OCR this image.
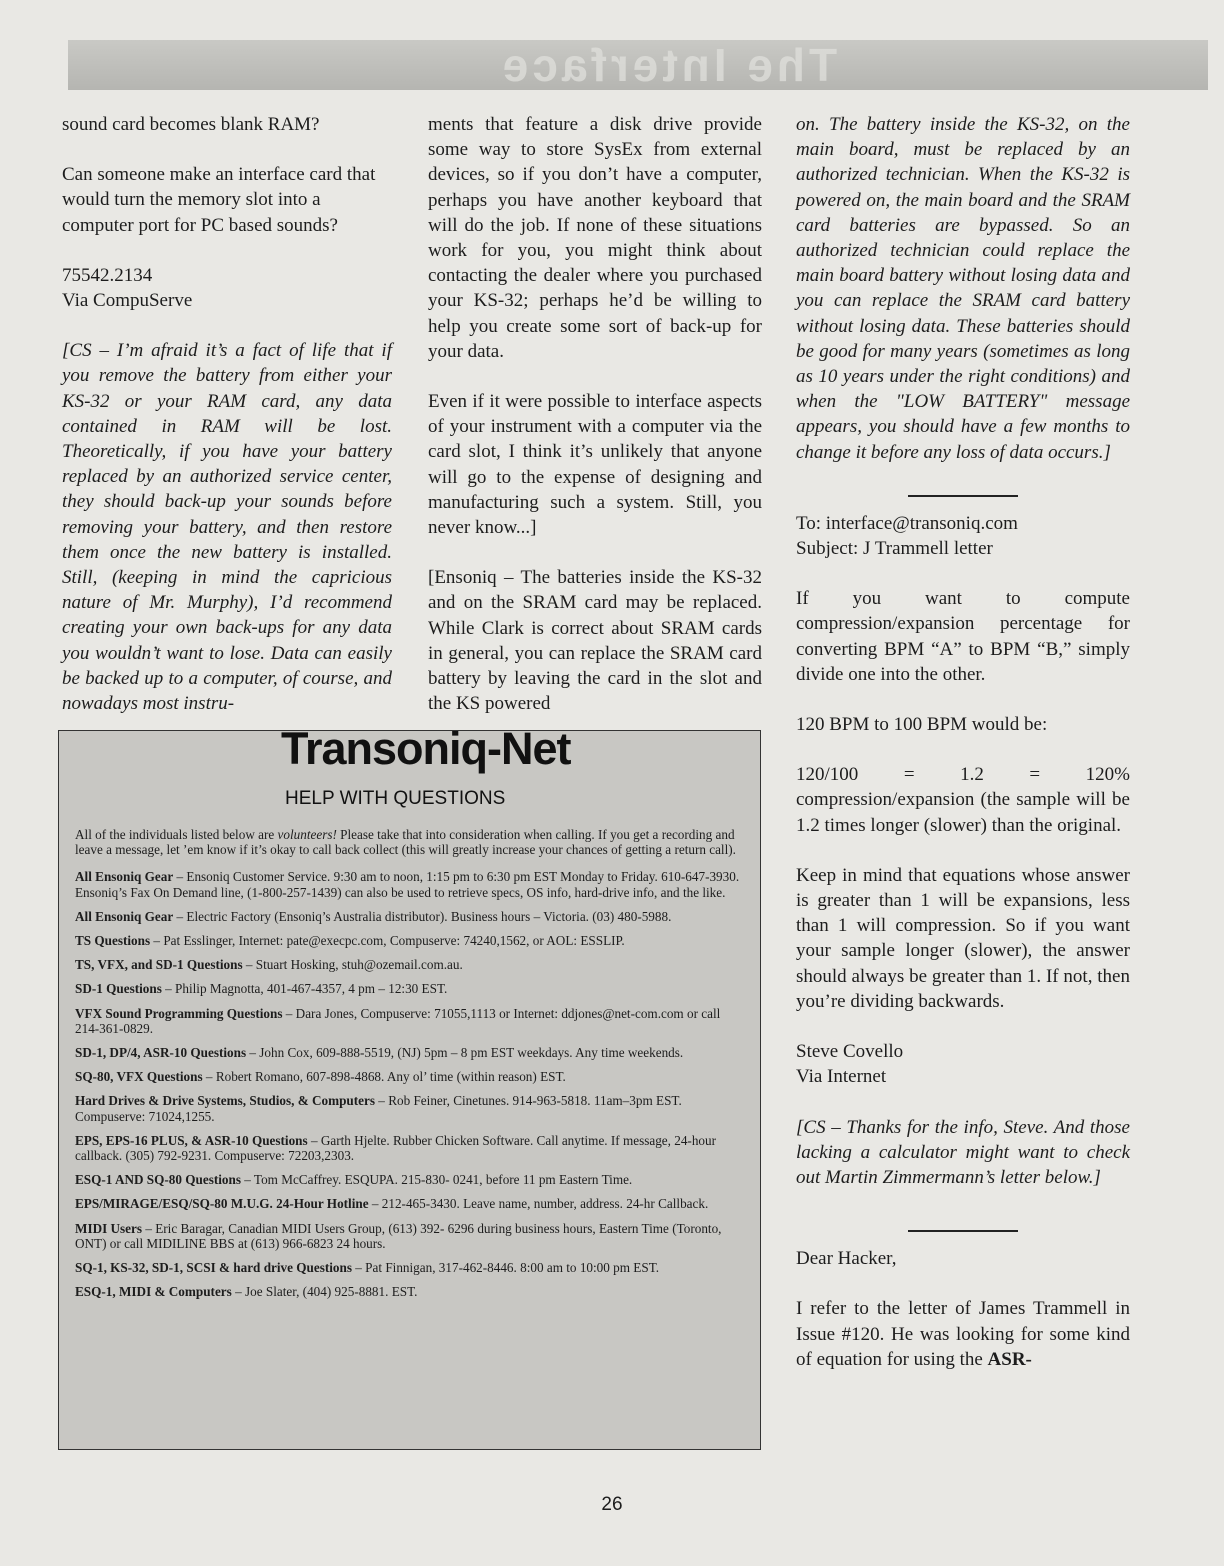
The Interface

sound card becomes blank RAM?

Can someone make an interface card that would turn the memory slot into a computer port for PC based sounds?

75542.2134

Via CompuServe

[CS – I’m afraid it’s a fact of life that if you remove the battery from either your KS-32 or your RAM card, any data contained in RAM will be lost. Theoretically, if you have your battery replaced by an authorized service center, they should back-up your sounds before removing your battery, and then restore them once the new battery is installed. Still, (keeping in mind the capricious nature of Mr. Murphy), I’d recommend creating your own back-ups for any data you wouldn’t want to lose. Data can easily be backed up to a computer, of course, and nowadays most instru-

ments that feature a disk drive provide some way to store SysEx from external devices, so if you don’t have a computer, perhaps you have another keyboard that will do the job. If none of these situations work for you, you might think about contacting the dealer where you purchased your KS-32; perhaps he’d be willing to help you create some sort of back-up for your data.

Even if it were possible to interface aspects of your instrument with a computer via the card slot, I think it’s unlikely that anyone will go to the expense of designing and manufacturing such a system. Still, you never know...]

[Ensoniq – The batteries inside the KS-32 and on the SRAM card may be replaced. While Clark is correct about SRAM cards in general, you can replace the SRAM card battery by leaving the card in the slot and the KS powered

on. The battery inside the KS-32, on the main board, must be replaced by an authorized technician. When the KS-32 is powered on, the main board and the SRAM card batteries are bypassed. So an authorized technician could replace the main board battery without losing data and you can replace the SRAM card battery without losing data. These batteries should be good for many years (sometimes as long as 10 years under the right conditions) and when the "LOW BATTERY" message appears, you should have a few months to change it before any loss of data occurs.]

To: interface@transoniq.com

Subject: J Trammell letter

If you want to compute compression/expansion percentage for converting BPM “A” to BPM “B,” simply divide one into the other.

120 BPM to 100 BPM would be:

120/100 = 1.2 = 120% compression/expansion (the sample will be 1.2 times longer (slower) than the original.

Keep in mind that equations whose answer is greater than 1 will be expansions, less than 1 will compression. So if you want your sample longer (slower), the answer should always be greater than 1. If not, then you’re dividing backwards.

Steve Covello

Via Internet

[CS – Thanks for the info, Steve. And those lacking a calculator might want to check out Martin Zimmermann’s letter below.]

Dear Hacker,

I refer to the letter of James Trammell in Issue #120. He was looking for some kind of equation for using the ASR-

Transoniq-Net
HELP WITH QUESTIONS
All of the individuals listed below are volunteers! Please take that into consideration when calling. If you get a recording and leave a message, let ’em know if it’s okay to call back collect (this will greatly increase your chances of getting a return call).
All Ensoniq Gear – Ensoniq Customer Service. 9:30 am to noon, 1:15 pm to 6:30 pm EST Monday to Friday. 610-647-3930. Ensoniq’s Fax On Demand line, (1-800-257-1439) can also be used to retrieve specs, OS info, hard-drive info, and the like.
All Ensoniq Gear – Electric Factory (Ensoniq’s Australia distributor). Business hours – Victoria. (03) 480-5988.
TS Questions – Pat Esslinger, Internet: pate@execpc.com, Compuserve: 74240,1562, or AOL: ESSLIP.
TS, VFX, and SD-1 Questions – Stuart Hosking, stuh@ozemail.com.au.
SD-1 Questions – Philip Magnotta, 401-467-4357, 4 pm – 12:30 EST.
VFX Sound Programming Questions – Dara Jones, Compuserve: 71055,1113 or Internet: ddjones@net-com.com or call 214-361-0829.
SD-1, DP/4, ASR-10 Questions – John Cox, 609-888-5519, (NJ) 5pm – 8 pm EST weekdays. Any time weekends.
SQ-80, VFX Questions – Robert Romano, 607-898-4868. Any ol’ time (within reason) EST.
Hard Drives & Drive Systems, Studios, & Computers – Rob Feiner, Cinetunes. 914-963-5818. 11am–3pm EST. Compuserve: 71024,1255.
EPS, EPS-16 PLUS, & ASR-10 Questions – Garth Hjelte. Rubber Chicken Software. Call anytime. If message, 24-hour callback. (305) 792-9231. Compuserve: 72203,2303.
ESQ-1 AND SQ-80 Questions – Tom McCaffrey. ESQUPA. 215-830- 0241, before 11 pm Eastern Time.
EPS/MIRAGE/ESQ/SQ-80 M.U.G. 24-Hour Hotline – 212-465-3430. Leave name, number, address. 24-hr Callback.
MIDI Users – Eric Baragar, Canadian MIDI Users Group, (613) 392- 6296 during business hours, Eastern Time (Toronto, ONT) or call MIDILINE BBS at (613) 966-6823 24 hours.
SQ-1, KS-32, SD-1, SCSI & hard drive Questions – Pat Finnigan, 317-462-8446. 8:00 am to 10:00 pm EST.
ESQ-1, MIDI & Computers – Joe Slater, (404) 925-8881. EST.
26
